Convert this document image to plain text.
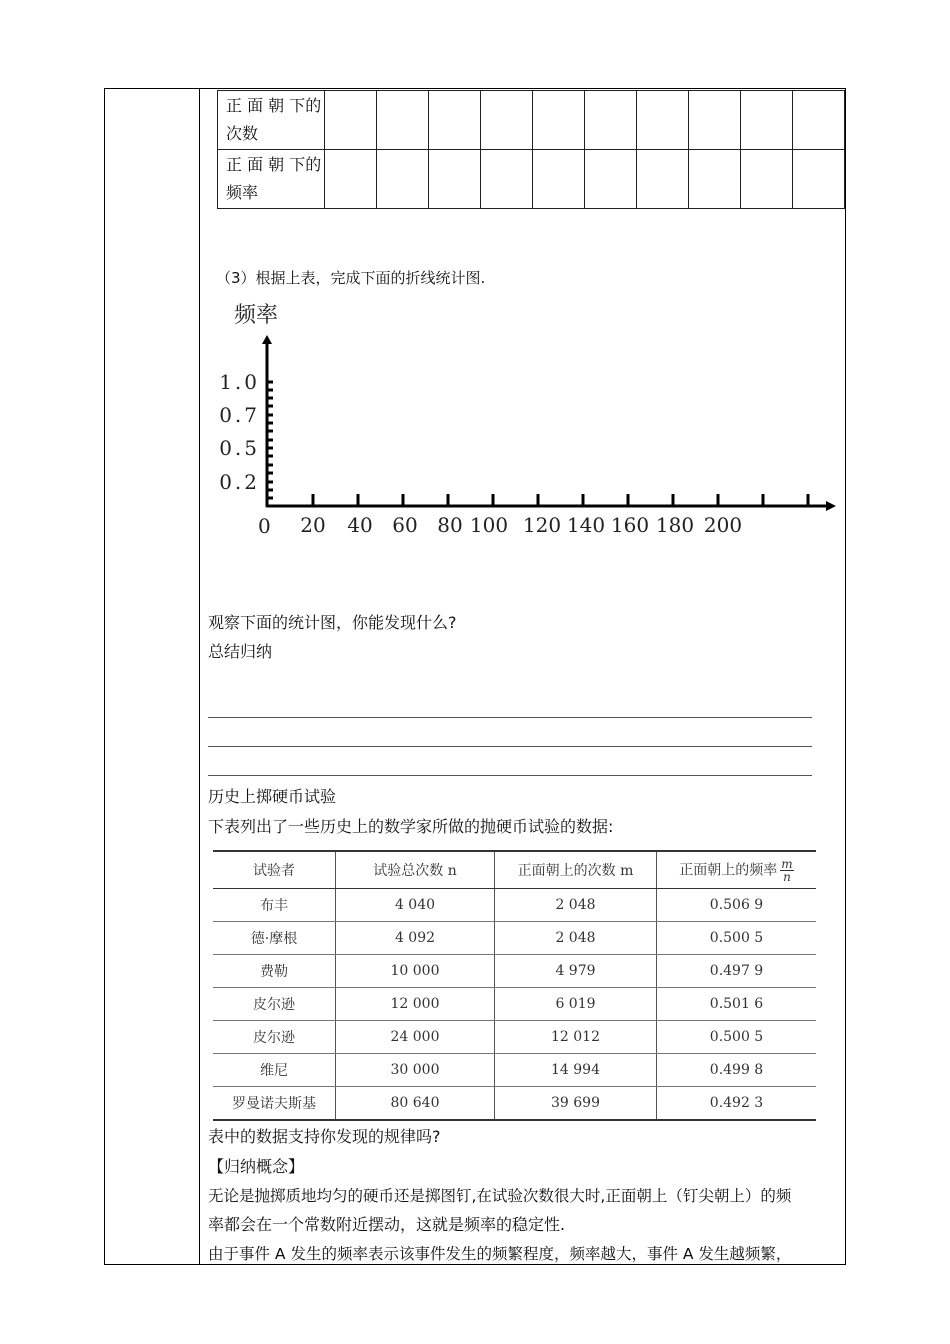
正 面 朝 下的次数										
正 面 朝 下的频率										
（3）根据上表，完成下面的折线统计图.
频率
0.2
0.5
0.7
1.0
20 40 60 80 100 120 140 160 180 200
0
观察下面的统计图，你能发现什么?
总结归纳
历史上掷硬币试验
下表列出了一些历史上的数学家所做的抛硬币试验的数据:
试验者	试验总次数 n	正面朝上的次数 m	正面朝上的频率 $\frac{m}{n}$

布丰	4 040	2 048	0.506 9
德·摩根	4 092	2 048	0.500 5
费勒	10 000	4 979	0.497 9
皮尔逊	12 000	6 019	0.501 6
皮尔逊	24 000	12 012	0.500 5
维尼	30 000	14 994	0.499 8
罗曼诺夫斯基	80 640	39 699	0.492 3
表中的数据支持你发现的规律吗?
【归纳概念】
无论是抛掷质地均匀的硬币还是掷图钉,在试验次数很大时,正面朝上（钉尖朝上）的频
率都会在一个常数附近摆动，这就是频率的稳定性.
由于事件 A 发生的频率表示该事件发生的频繁程度，频率越大，事件 A 发生越频繁，
